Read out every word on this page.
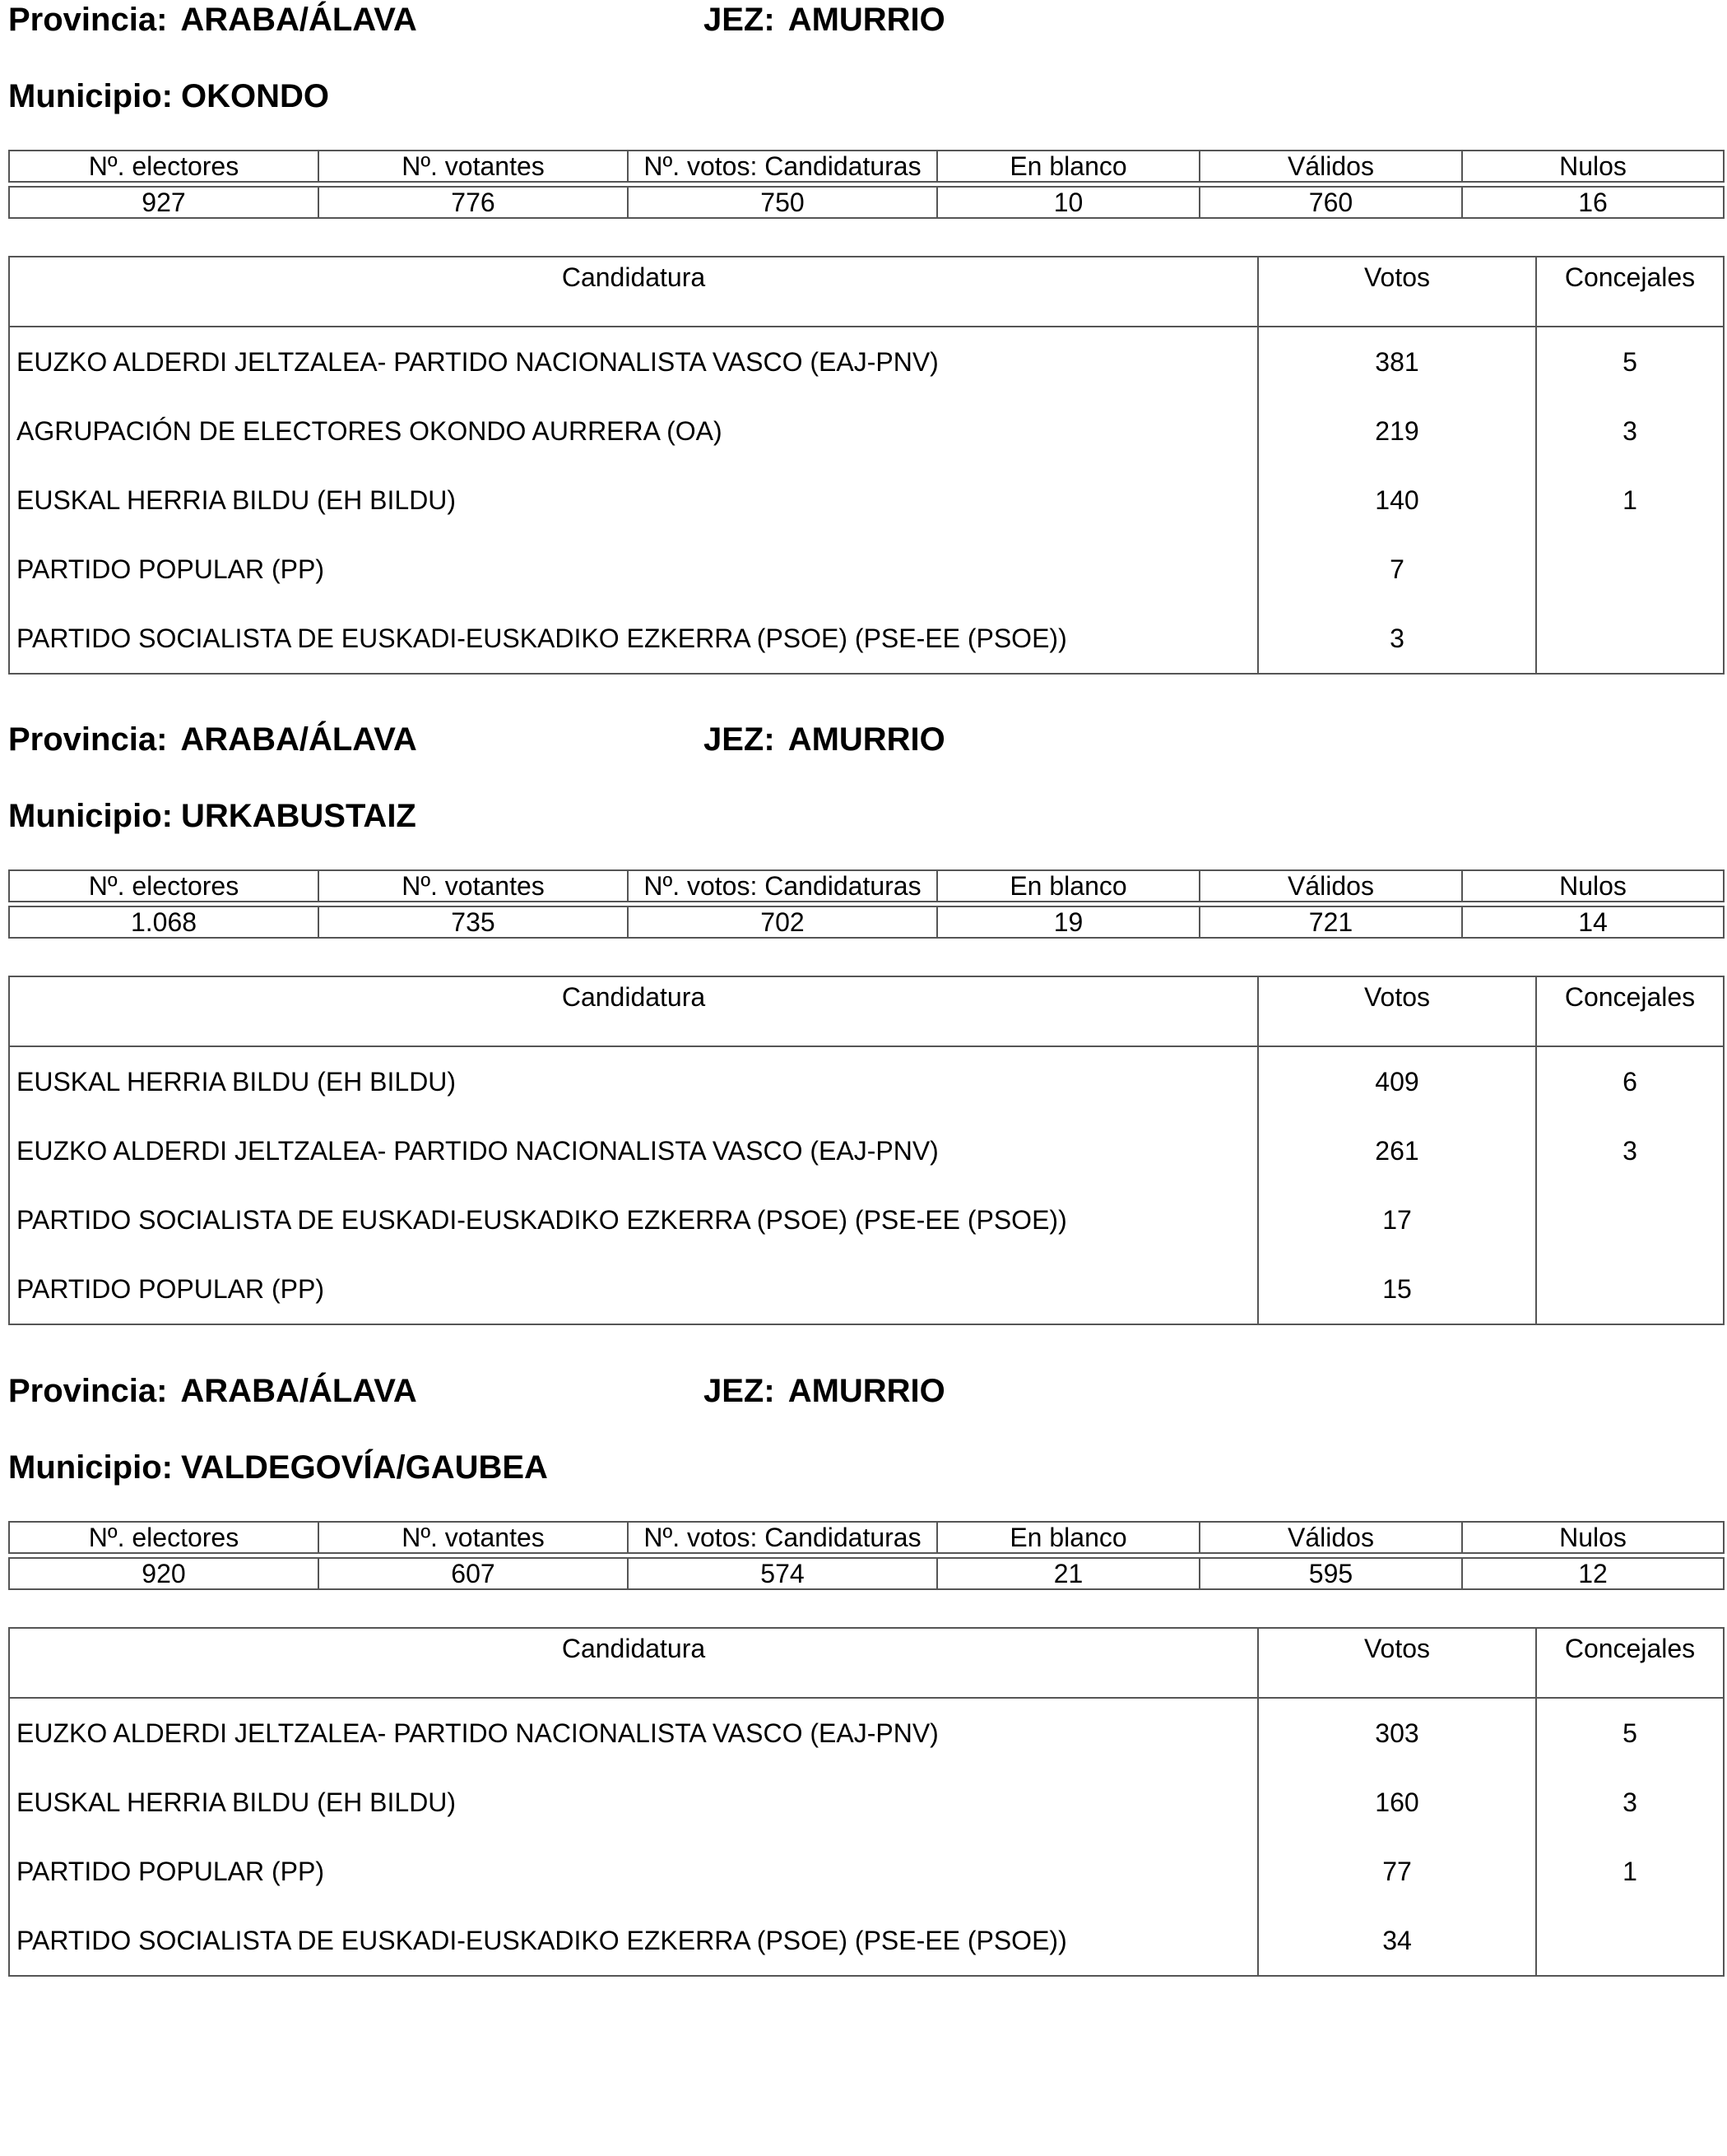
Provincia: ARABA/ÁLAVA	JEZ: AMURRIO
Municipio: OKONDO
Nº. electores	Nº. votantes	Nº. votos: Candidaturas	En blanco	Válidos	Nulos

927	776	750	10	760	16
Candidatura	Votos	Concejales
EUZKO ALDERDI JELTZALEA- PARTIDO NACIONALISTA VASCO (EAJ-PNV)	381	5
AGRUPACIÓN DE ELECTORES OKONDO AURRERA (OA)	219	3
EUSKAL HERRIA BILDU (EH BILDU)	140	1
PARTIDO POPULAR (PP)	7	
PARTIDO SOCIALISTA DE EUSKADI-EUSKADIKO EZKERRA (PSOE) (PSE-EE (PSOE))	3	
Provincia: ARABA/ÁLAVA	JEZ: AMURRIO
Municipio: URKABUSTAIZ
Nº. electores	Nº. votantes	Nº. votos: Candidaturas	En blanco	Válidos	Nulos

1.068	735	702	19	721	14
Candidatura	Votos	Concejales
EUSKAL HERRIA BILDU (EH BILDU)	409	6
EUZKO ALDERDI JELTZALEA- PARTIDO NACIONALISTA VASCO (EAJ-PNV)	261	3
PARTIDO SOCIALISTA DE EUSKADI-EUSKADIKO EZKERRA (PSOE) (PSE-EE (PSOE))	17	
PARTIDO POPULAR (PP)	15	
Provincia: ARABA/ÁLAVA	JEZ: AMURRIO
Municipio: VALDEGOVÍA/GAUBEA
Nº. electores	Nº. votantes	Nº. votos: Candidaturas	En blanco	Válidos	Nulos

920	607	574	21	595	12
Candidatura	Votos	Concejales
EUZKO ALDERDI JELTZALEA- PARTIDO NACIONALISTA VASCO (EAJ-PNV)	303	5
EUSKAL HERRIA BILDU (EH BILDU)	160	3
PARTIDO POPULAR (PP)	77	1
PARTIDO SOCIALISTA DE EUSKADI-EUSKADIKO EZKERRA (PSOE) (PSE-EE (PSOE))	34	
